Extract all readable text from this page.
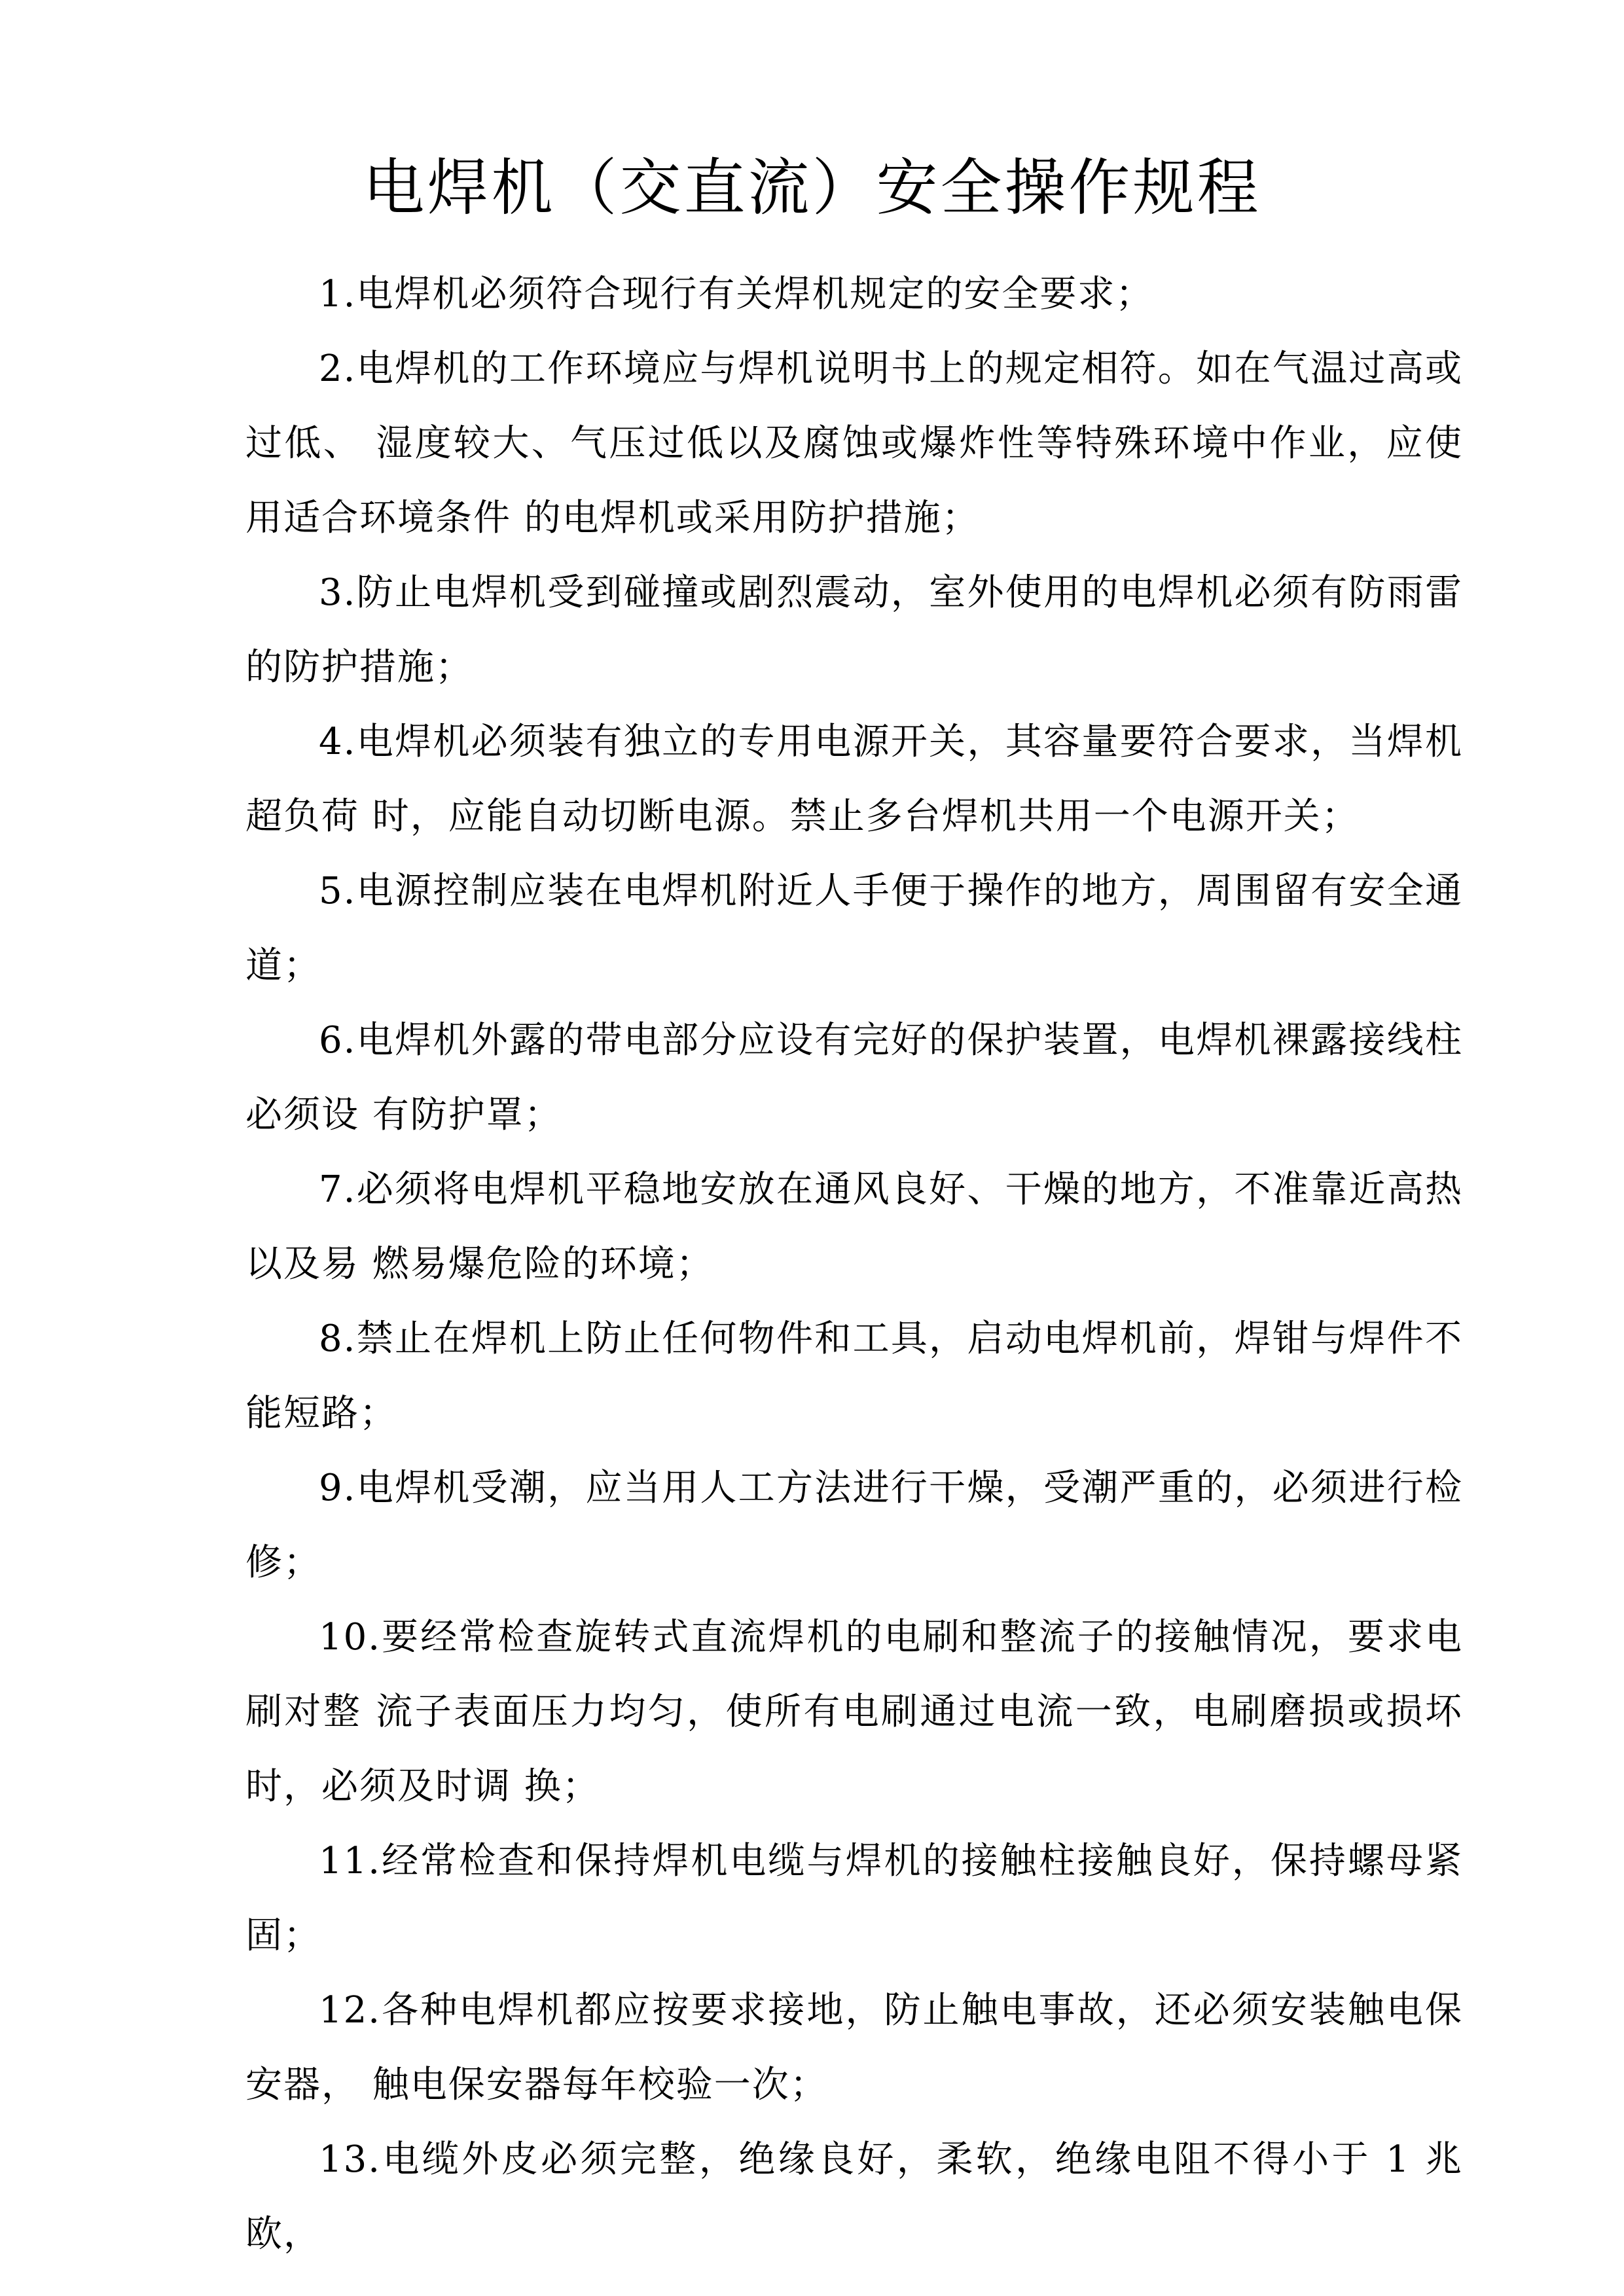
电焊机（交直流）安全操作规程

1.电焊机必须符合现行有关焊机规定的安全要求；

2.电焊机的工作环境应与焊机说明书上的规定相符。如在气温过高或过低、 湿度较大、气压过低以及腐蚀或爆炸性等特殊环境中作业，应使用适合环境条件 的电焊机或采用防护措施；

3.防止电焊机受到碰撞或剧烈震动，室外使用的电焊机必须有防雨雷的防护措施；

4.电焊机必须装有独立的专用电源开关，其容量要符合要求，当焊机超负荷 时，应能自动切断电源。禁止多台焊机共用一个电源开关；

5.电源控制应装在电焊机附近人手便于操作的地方，周围留有安全通道；

6.电焊机外露的带电部分应设有完好的保护装置，电焊机裸露接线柱必须设 有防护罩；

7.必须将电焊机平稳地安放在通风良好、干燥的地方，不准靠近高热以及易 燃易爆危险的环境；

8.禁止在焊机上防止任何物件和工具，启动电焊机前，焊钳与焊件不能短路；

9.电焊机受潮，应当用人工方法进行干燥，受潮严重的，必须进行检修；

10.要经常检查旋转式直流焊机的电刷和整流子的接触情况，要求电刷对整 流子表面压力均匀，使所有电刷通过电流一致，电刷磨损或损坏时，必须及时调 换；

11.经常检查和保持焊机电缆与焊机的接触柱接触良好，保持螺母紧固；

12.各种电焊机都应按要求接地，防止触电事故，还必须安装触电保安器， 触电保安器每年校验一次；

13.电缆外皮必须完整，绝缘良好，柔软，绝缘电阻不得小于 1 兆欧，
